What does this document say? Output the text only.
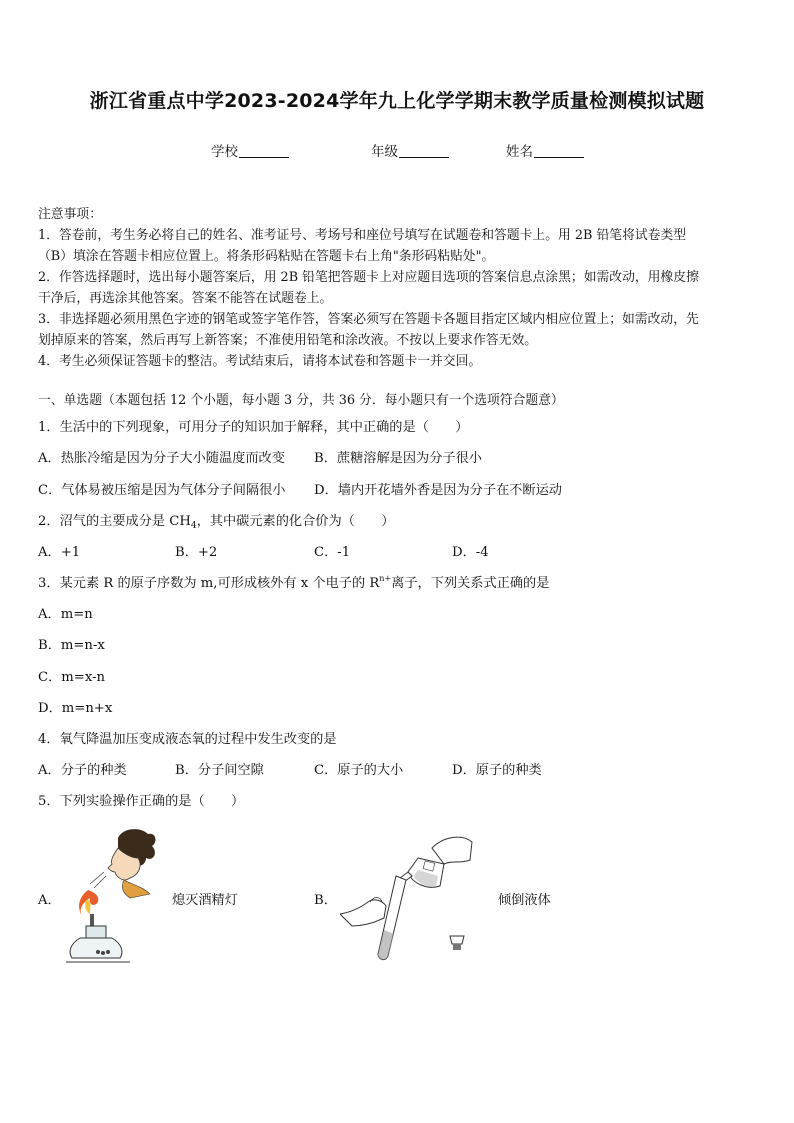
浙江省重点中学2023-2024学年九上化学学期末教学质量检测模拟试题
学校	年级	姓名
注意事项：
1．答卷前，考生务必将自己的姓名、准考证号、考场号和座位号填写在试题卷和答题卡上。用 2B 铅笔将试卷类型
（B）填涂在答题卡相应位置上。将条形码粘贴在答题卡右上角"条形码粘贴处"。
2．作答选择题时，选出每小题答案后，用 2B 铅笔把答题卡上对应题目选项的答案信息点涂黑；如需改动，用橡皮擦
干净后，再选涂其他答案。答案不能答在试题卷上。
3．非选择题必须用黑色字迹的钢笔或签字笔作答，答案必须写在答题卡各题目指定区域内相应位置上；如需改动，先
划掉原来的答案，然后再写上新答案；不准使用铅笔和涂改液。不按以上要求作答无效。
4．考生必须保证答题卡的整洁。考试结束后，请将本试卷和答题卡一并交回。
一、单选题（本题包括 12 个小题，每小题 3 分，共 36 分．每小题只有一个选项符合题意）
1．生活中的下列现象，可用分子的知识加于解释，其中正确的是（　　）
A．热胀冷缩是因为分子大小随温度而改变 B．蔗糖溶解是因为分子很小
C．气体易被压缩是因为气体分子间隔很小 D．墙内开花墙外香是因为分子在不断运动
2．沼气的主要成分是 $CH_4$，其中碳元素的化合价为（　　）
A．+1	B．+2	C．-1	D．-4
3．某元素 R 的原子序数为 m,可形成核外有 x 个电子的 $R^{n+}$离子，下列关系式正确的是
A．m=n
B．m=n-x
C．m=x-n
D．m=n+x
4．氧气降温加压变成液态氧的过程中发生改变的是
A．分子的种类	B．分子间空隙	C．原子的大小	D．原子的种类
5．下列实验操作正确的是（　　）
A．	熄灭酒精灯	B．	倾倒液体
